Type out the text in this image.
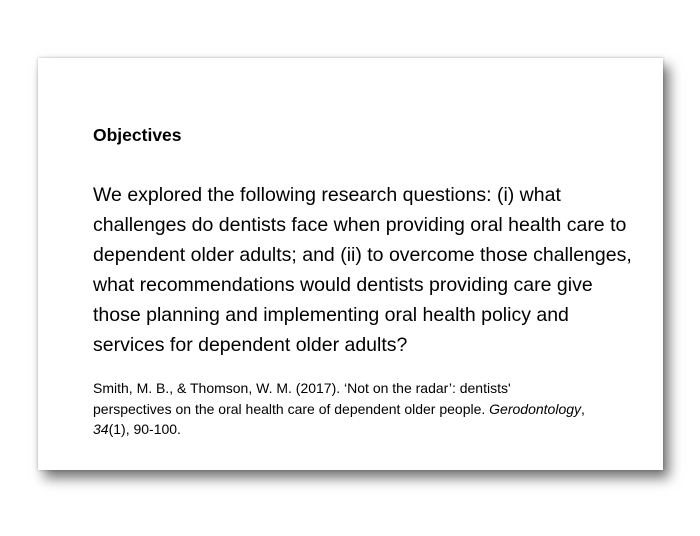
Objectives

We explored the following research questions: (i) what
challenges do dentists face when providing oral health care to
dependent older adults; and (ii) to overcome those challenges,
what recommendations would dentists providing care give
those planning and implementing oral health policy and
services for dependent older adults?

Smith, M. B., & Thomson, W. M. (2017). ‘Not on the radar’: dentists'
perspectives on the oral health care of dependent older people. Gerodontology,
34(1), 90-100.
